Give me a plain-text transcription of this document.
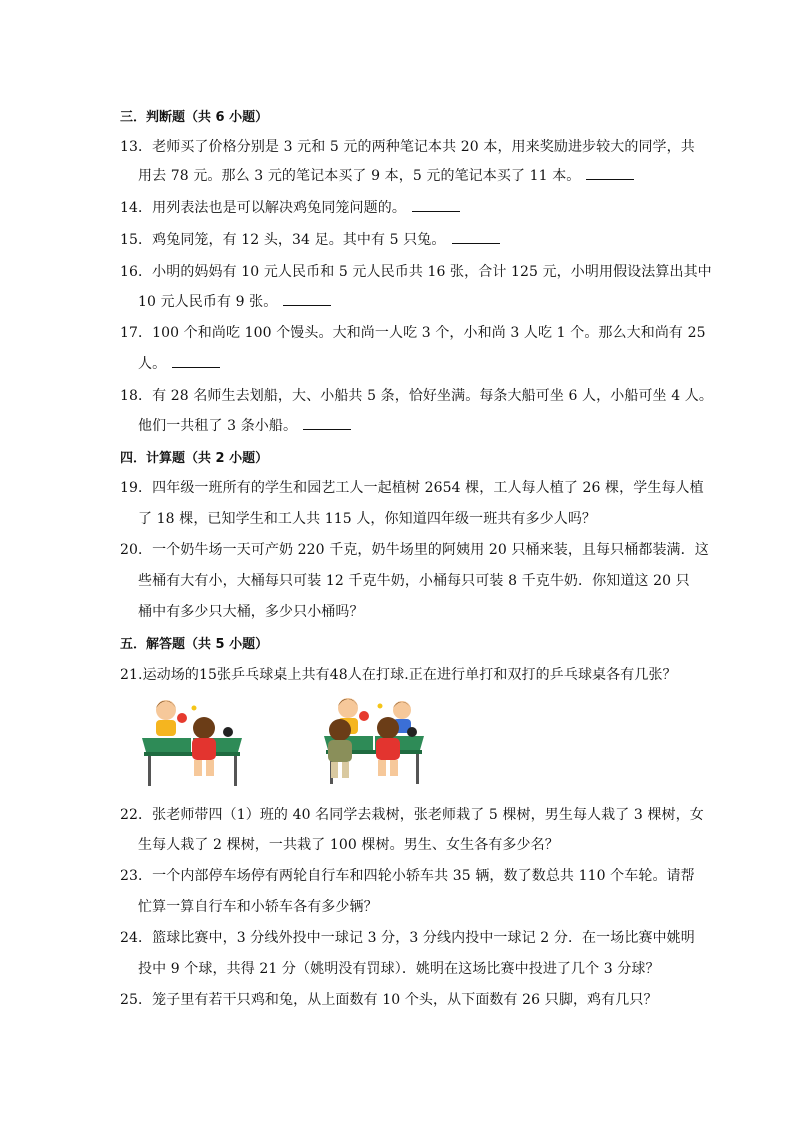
三．判断题（共 6 小题）
13．老师买了价格分别是 3 元和 5 元的两种笔记本共 20 本，用来奖励进步较大的同学，共
用去 78 元。那么 3 元的笔记本买了 9 本，5 元的笔记本买了 11 本。
14．用列表法也是可以解决鸡兔同笼问题的。
15．鸡兔同笼，有 12 头，34 足。其中有 5 只兔。
16．小明的妈妈有 10 元人民币和 5 元人民币共 16 张，合计 125 元，小明用假设法算出其中
10 元人民币有 9 张。
17．100 个和尚吃 100 个馒头。大和尚一人吃 3 个，小和尚 3 人吃 1 个。那么大和尚有 25
人。
18．有 28 名师生去划船，大、小船共 5 条，恰好坐满。每条大船可坐 6 人，小船可坐 4 人。
他们一共租了 3 条小船。
四．计算题（共 2 小题）
19．四年级一班所有的学生和园艺工人一起植树 2654 棵，工人每人植了 26 棵，学生每人植
了 18 棵，已知学生和工人共 115 人，你知道四年级一班共有多少人吗？
20．一个奶牛场一天可产奶 220 千克，奶牛场里的阿姨用 20 只桶来装，且每只桶都装满．这
些桶有大有小，大桶每只可装 12 千克牛奶，小桶每只可装 8 千克牛奶．你知道这 20 只
桶中有多少只大桶，多少只小桶吗？
五．解答题（共 5 小题）
21.运动场的15张乒乓球桌上共有48人在打球.正在进行单打和双打的乒乓球桌各有几张？
22．张老师带四（1）班的 40 名同学去栽树，张老师栽了 5 棵树，男生每人栽了 3 棵树，女
生每人栽了 2 棵树，一共栽了 100 棵树。男生、女生各有多少名？
23．一个内部停车场停有两轮自行车和四轮小轿车共 35 辆，数了数总共 110 个车轮。请帮
忙算一算自行车和小轿车各有多少辆？
24．篮球比赛中，3 分线外投中一球记 3 分，3 分线内投中一球记 2 分．在一场比赛中姚明
投中 9 个球，共得 21 分（姚明没有罚球）．姚明在这场比赛中投进了几个 3 分球？
25．笼子里有若干只鸡和兔，从上面数有 10 个头，从下面数有 26 只脚，鸡有几只？
